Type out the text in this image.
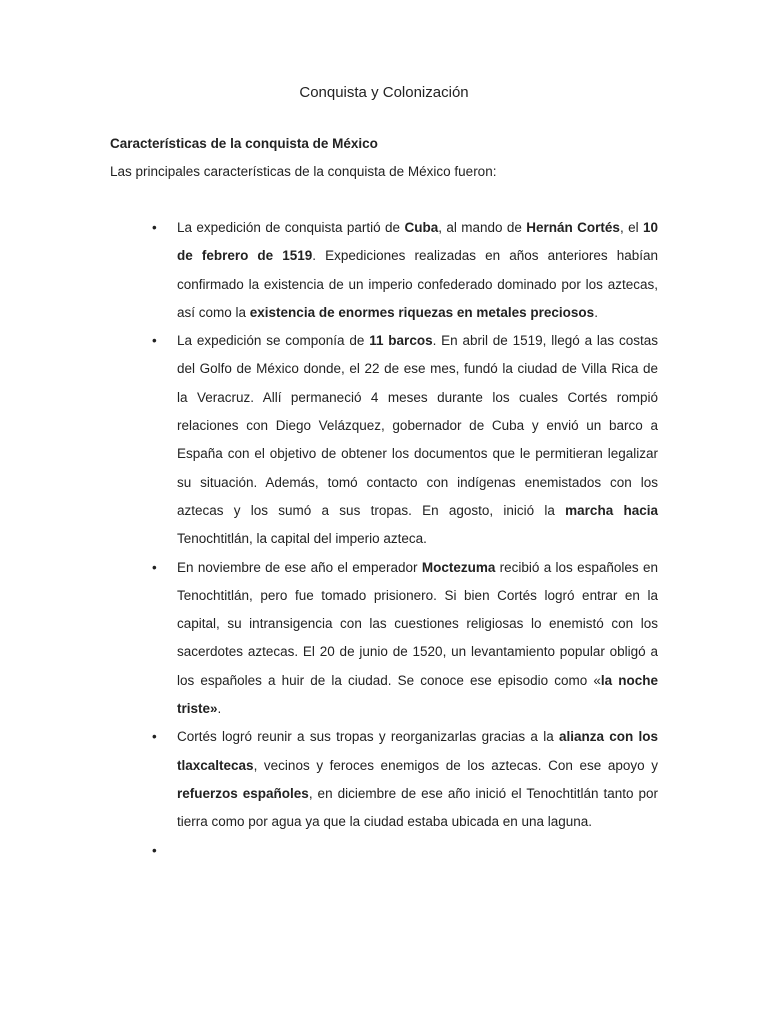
Conquista y Colonización
Características de la conquista de México

Las principales características de la conquista de México fueron:

•	La expedición de conquista partió de Cuba, al mando de Hernán Cortés, el 10 de febrero de 1519. Expediciones realizadas en años anteriores habían confirmado la existencia de un imperio confederado dominado por los aztecas, así como la existencia de enormes riquezas en metales preciosos.
•	La expedición se componía de 11 barcos. En abril de 1519, llegó a las costas del Golfo de México donde, el 22 de ese mes, fundó la ciudad de Villa Rica de la Veracruz. Allí permaneció 4 meses durante los cuales Cortés rompió relaciones con Diego Velázquez, gobernador de Cuba y envió un barco a España con el objetivo de obtener los documentos que le permitieran legalizar su situación. Además, tomó contacto con indígenas enemistados con los aztecas y los sumó a sus tropas. En agosto, inició la marcha hacia Tenochtitlán, la capital del imperio azteca.
•	En noviembre de ese año el emperador Moctezuma recibió a los españoles en Tenochtitlán, pero fue tomado prisionero. Si bien Cortés logró entrar en la capital, su intransigencia con las cuestiones religiosas lo enemistó con los sacerdotes aztecas. El 20 de junio de 1520, un levantamiento popular obligó a los españoles a huir de la ciudad. Se conoce ese episodio como «la noche triste».
•	Cortés logró reunir a sus tropas y reorganizarlas gracias a la alianza con los tlaxcaltecas, vecinos y feroces enemigos de los aztecas. Con ese apoyo y refuerzos españoles, en diciembre de ese año inició el Tenochtitlán tanto por tierra como por agua ya que la ciudad estaba ubicada en una laguna.
•
